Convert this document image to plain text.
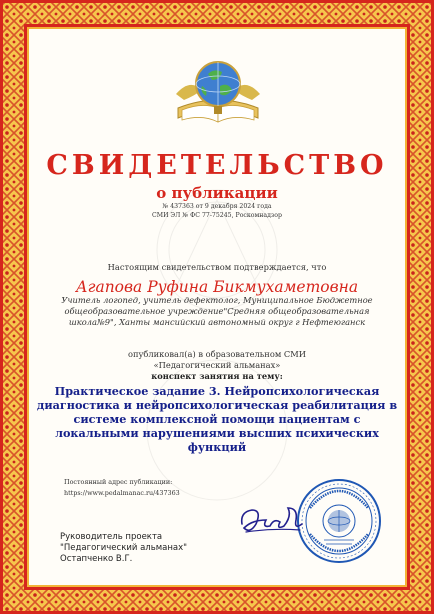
СВИДЕТЕЛЬСТВО
о публикации
№ 437363 от 9 декабря 2024 года
СМИ ЭЛ № ФС 77-75245, Роскомнадзор
Настоящим свидетельством подтверждается, что
Агапова Руфина Бикмухаметовна
Учитель логопед, учитель дефектолог, Муниципальное Бюджетное
общеобразовательное учреждение"Средняя общеобразовательная
школа№9", Ханты мансийский автономный округ г Нефтеюганск
опубликовал(а) в образовательном СМИ
«Педагогический альманах»
конспект занятия на тему:
Практическое задание 3. Нейропсихологическая
диагностика и нейропсихологическая реабилитация в
системе комплексной помощи пациентам с
локальными нарушениями высших психических
функций
Постоянный адрес публикации:
https://www.pedalmanac.ru/437363
Руководитель проекта
"Педагогический альманах"
Остапченко В.Г.
